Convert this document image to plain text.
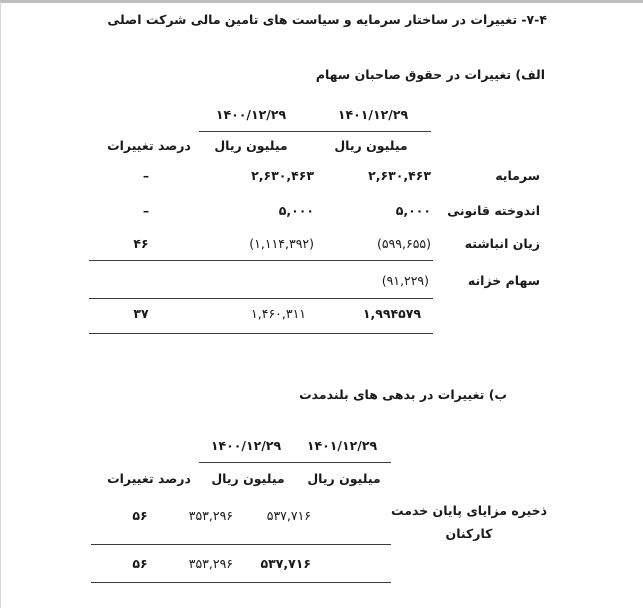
۷-۴- تغییرات در ساختار سرمایه و سیاست های تامین مالی شرکت اصلی
الف) تغییرات در حقوق صاحبان سهام
۱۴۰۱/۱۲/۲۹
۱۴۰۰/۱۲/۲۹
میلیون ریال
میلیون ریال
درصد تغییرات
سرمایه
۲,۶۳۰,۴۶۳
۲,۶۳۰,۴۶۳
–
اندوخته قانونی
۵,۰۰۰
۵,۰۰۰
–
زیان انباشته
(۵۹۹,۶۵۵)
(۱,۱۱۴,۳۹۲)
۴۶
سهام خزانه
(۹۱,۲۲۹)
۱,۹۹۴۵۷۹
۱,۴۶۰,۳۱۱
۳۷
ب) تغییرات در بدهی های بلندمدت
۱۴۰۱/۱۲/۲۹
۱۴۰۰/۱۲/۲۹
میلیون ریال
میلیون ریال
درصد تغییرات
ذخیره مزایای پایان خدمت کارکنان
۵۳۷,۷۱۶
۳۵۳,۲۹۶
۵۶
۵۳۷,۷۱۶
۳۵۳,۲۹۶
۵۶
